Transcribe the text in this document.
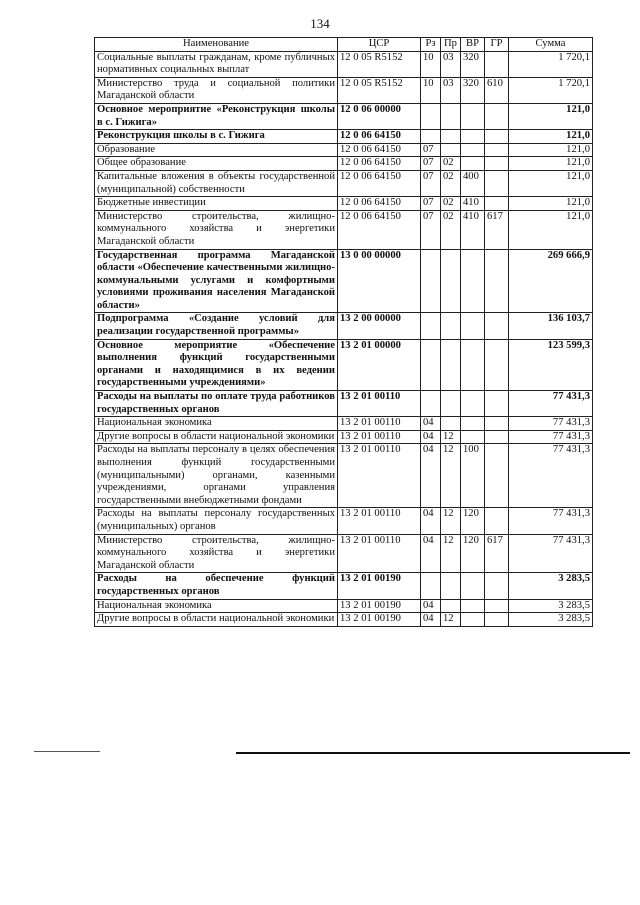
134
Наименование	ЦСР	Рз	Пр	ВР	ГР	Сумма
Социальные выплаты гражданам, кроме публичных нормативных социальных выплат	12 0 05 R5152	10	03	320		1 720,1
Министерство труда и социальной политики Магаданской области	12 0 05 R5152	10	03	320	610	1 720,1
Основное мероприятие «Реконструкция школы в с. Гижига»	12 0 06 00000					121,0
Реконструкция школы в с. Гижига	12 0 06 64150					121,0
Образование	12 0 06 64150	07				121,0
Общее образование	12 0 06 64150	07	02			121,0
Капитальные вложения в объекты государственной (муниципальной) собственности	12 0 06 64150	07	02	400		121,0
Бюджетные инвестиции	12 0 06 64150	07	02	410		121,0
Министерство строительства, жилищно-коммунального хозяйства и энергетики Магаданской области	12 0 06 64150	07	02	410	617	121,0
Государственная программа Магаданской области «Обеспечение качественными жилищно-коммунальными услугами и комфортными условиями проживания населения Магаданской области»	13 0 00 00000					269 666,9
Подпрограмма «Создание условий для реализации государственной программы»	13 2 00 00000					136 103,7
Основное мероприятие «Обеспечение выполнения функций государственными органами и находящимися в их ведении государственными учреждениями»	13 2 01 00000					123 599,3
Расходы на выплаты по оплате труда работников государственных органов	13 2 01 00110					77 431,3
Национальная экономика	13 2 01 00110	04				77 431,3
Другие вопросы в области национальной экономики	13 2 01 00110	04	12			77 431,3
Расходы на выплаты персоналу в целях обеспечения выполнения функций государственными (муниципальными) органами, казенными учреждениями, органами управления государственными внебюджетными фондами	13 2 01 00110	04	12	100		77 431,3
Расходы на выплаты персоналу государственных (муниципальных) органов	13 2 01 00110	04	12	120		77 431,3
Министерство строительства, жилищно-коммунального хозяйства и энергетики Магаданской области	13 2 01 00110	04	12	120	617	77 431,3
Расходы на обеспечение функций государственных органов	13 2 01 00190					3 283,5
Национальная экономика	13 2 01 00190	04				3 283,5
Другие вопросы в области национальной экономики	13 2 01 00190	04	12			3 283,5
